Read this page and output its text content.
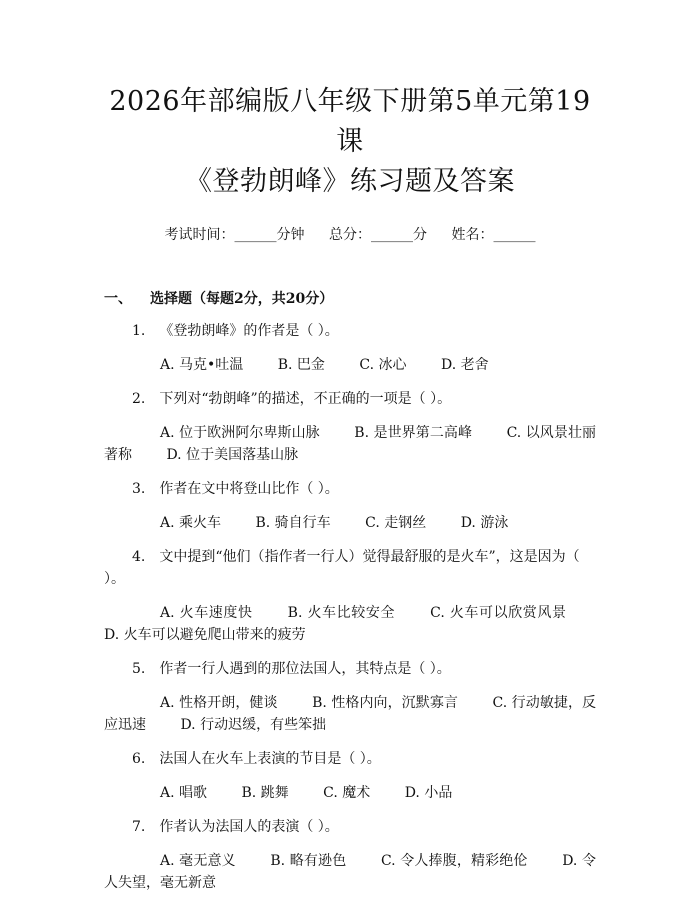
2026年部编版八年级下册第5单元第19课
《登勃朗峰》练习题及答案
考试时间：______分钟 总分：______分 姓名：______
一、 选择题（每题2分，共20分）
1. 《登勃朗峰》的作者是（ ）。
A. 马克•吐温 B. 巴金 C. 冰心 D. 老舍
2. 下列对“勃朗峰”的描述，不正确的一项是（ ）。
A. 位于欧洲阿尔卑斯山脉 B. 是世界第二高峰 C. 以风景壮丽著称 D. 位于美国落基山脉
3. 作者在文中将登山比作（ ）。
A. 乘火车 B. 骑自行车 C. 走钢丝 D. 游泳
4. 文中提到“他们（指作者一行人）觉得最舒服的是火车”，这是因为（ ）。
A. 火车速度快	B. 火车比较安全	C. 火车可以欣赏风景 D. 火车可以避免爬山带来的疲劳
5. 作者一行人遇到的那位法国人，其特点是（ ）。
A. 性格开朗，健谈 B. 性格内向，沉默寡言 C. 行动敏捷，反应迅速 D. 行动迟缓，有些笨拙
6. 法国人在火车上表演的节目是（ ）。
A. 唱歌 B. 跳舞 C. 魔术 D. 小品
7. 作者认为法国人的表演（ ）。
A. 毫无意义 B. 略有逊色 C. 令人捧腹，精彩绝伦 D. 令人失望，毫无新意
